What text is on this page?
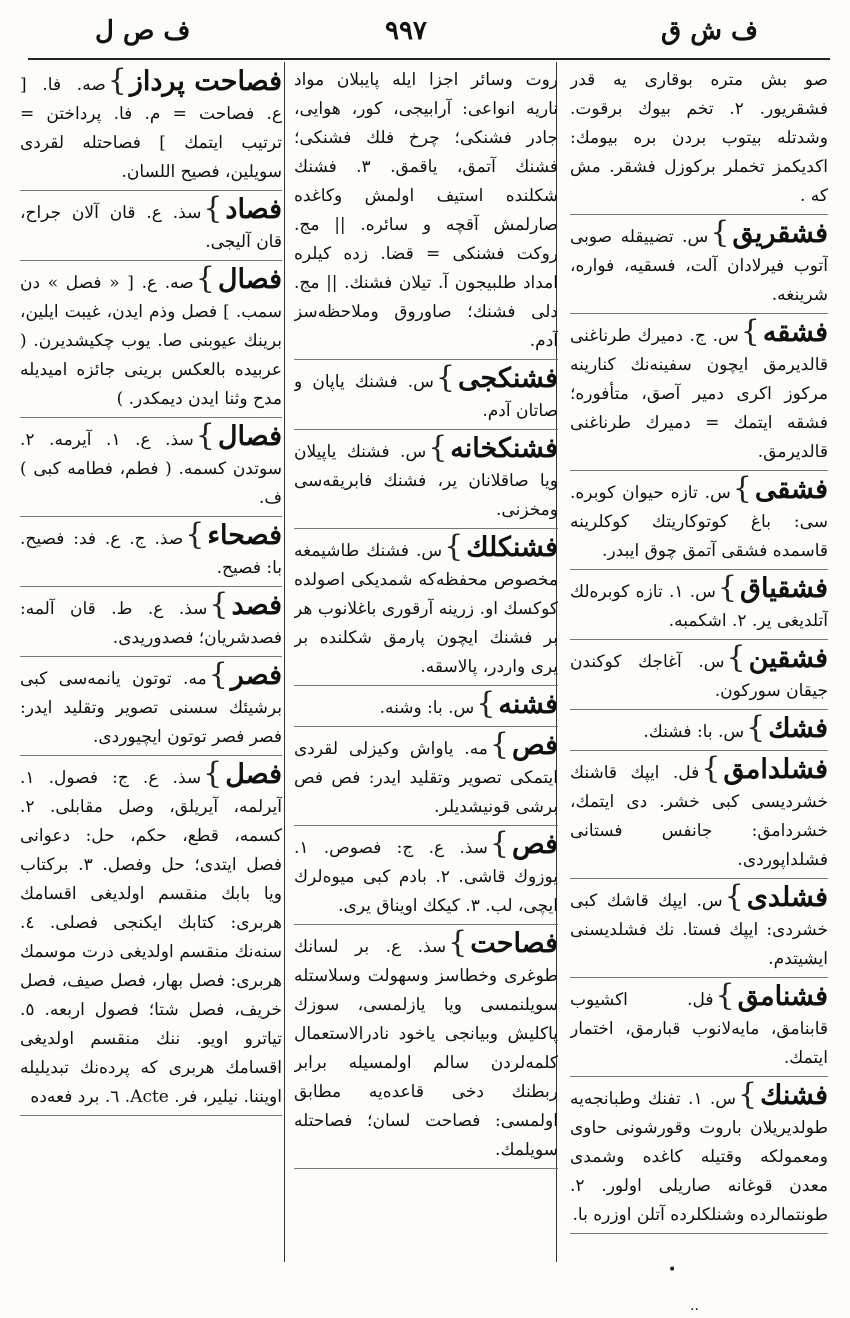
ف ش ق
٩٩٧
ف ص ل
صو بش متره بوقاری یه قدر فشقریور. ٢. تخم بیوك برقوت. وشدتله بیتوب بردن بره بیومك: اکدیکمز تخملر برکوزل فشقر. مش که .
فشقریق}س. تضییقله صوبی آتوب فیرلادان آلت، فسقیه، فواره، شرینغه.
فشقه}س. ج. دمیرك طرناغنی قالدیرمق ایچون سفینه‌نك کنارینه مرکوز اکری دمیر آصق، متأفوره؛ فشقه ایتمك = دمیرك طرناغنی قالدیرمق.
فشقی}س. تازه حیوان کوبره. سی: باغ کوتوکاریتك کوکلرینه قاسمده فشقی آتمق چوق ایبدر.
فشقیاق}س. ١. تازه کوبره‌لك آتلدیغی یر. ٢. اشکمبه.
فشقین}س. آغاجك کوکندن جیقان سورکون.
فشك}س. با: فشنك.
فشلدامق}فل. ایپك قاشنك خشردیسی کبی خشر. دی ایتمك، خشردامق: جانفس فستانی فشلداپوردی.
فشلدی}س. ایپك قاشك کبی خشردی: ایپك فستا. نك فشلدیسنی ایشیتدم.
فشنامق}فل. اکشیوب قابنامق، مایه‌لانوب قبارمق، اختمار ایتمك.
فشنك}س. ١. تفنك وطبانجه‌یه طولدیریلان باروت وقورشونی حاوی ومعمولکه وقتیله کاغده وشمدی معدن قوغانه صاریلی اولور. ٢. طونتمالرده وشنلکلرده آتلن اوزره با.
روت وسائر اجزا ایله پایبلان مواد ناریه انواعی: آرابیجی، کور، هوایی، جادر فشنکی؛ چرخ فلك فشنکی؛ فشنك آتمق، یاقمق. ٣. فشنك شکلنده استیف اولمش وکاغده صارلمش آقچه و سائره. || مج. روکت فشنکی = قضا. زده کیلره امداد طلبیجون آ. تیلان فشنك. || مج. دلی فشنك؛ صاوروق وملاحظه‌سز آدم.
فشنکجی}س. فشنك یاپان و صاتان آدم.
فشنکخانه}س. فشنك یاپیلان ویا صاقلانان یر، فشنك فابریقه‌سی ومخزنی.
فشنکلك}س. فشنك طاشیمغه مخصوص محفظه‌که شمدیکی اصولده کوکسك او. زرینه آرقوری باغلانوب هر بر فشنك ایچون پارمق شکلنده بر یری واردر، پالاسقه.
فشنه}س. با: وشنه.
فص}مه. یاواش وکیزلی لقردی ایتمکی تصویر وتقلید ایدر: فص فص برشی قونیشدیلر.
فص}سذ. ع. ج: فصوص. ١. یوزوك قاشی. ٢. بادم کبی میوه‌لرك ایچی، لب. ٣. کیکك اویناق یری.
فصاحت}سذ. ع. بر لسانك طوغری وخطاسز وسهولت وسلاستله سویلنمسی ویا یازلمسی، سوزك پاکلیش وبیانجی یاخود نادرالاستعمال کلمه‌لردن سالم اولمسیله برابر ربطنك دخی قاعده‌یه مطابق اولمسی: فصاحت لسان؛ فصاحتله سویلمك.
فصاحت پرداز}صه. فا. [ ع. فصاحت = م. فا. پرداختن = ترتیب ایتمك ] فصاحتله لقردی سویلین، فصیح اللسان.
فصاد}سذ. ع. قان آلان جراح، قان آلیجی.
فصال}صه. ع. [ « فصل » دن سمب. ] فصل وذم ایدن، غیبت ایلین، برینك عیوبنی صا. یوب چکیشدیرن. ( عربیده بالعکس برینی جائزه امیدیله مدح وثنا ایدن دیمکدر. )
فصال}سذ. ع. ١. آیرمه. ٢. سوتدن کسمه. ( فطم، فطامه کبی ) ف.
فصحاء}صذ. ج. ع. فد: فصیح. با: فصیح.
فصد}سذ. ع. ط. قان آلمه: فصدشریان؛ فصدوریدی.
فصر}مه. توتون یانمه‌سی کبی برشیئك سسنی تصویر وتقلید ایدر: فصر فصر توتون ایچیوردی.
فصل}سذ. ع. ج: فصول. ١. آیرلمه، آیریلق، وصل مقابلی. ٢. کسمه، قطع، حکم، حل: دعوانی فصل ایتدی؛ حل وفصل. ٣. برکتاب ویا بابك منقسم اولدیغی اقسامك هربری: کتابك ایکنجی فصلی. ٤. سنه‌نك منقسم اولدیغی درت موسمك هربری: فصل بهار، فصل صیف، فصل خریف، فصل شتا؛ فصول اربعه. ٥. تیاترو اویو. ننك منقسم اولدیغی اقسامك هربری که پرده‌نك تبدیلیله اویننا. نیلیر، فر. Acte. ٦. برد فعه‌ده
•
..
